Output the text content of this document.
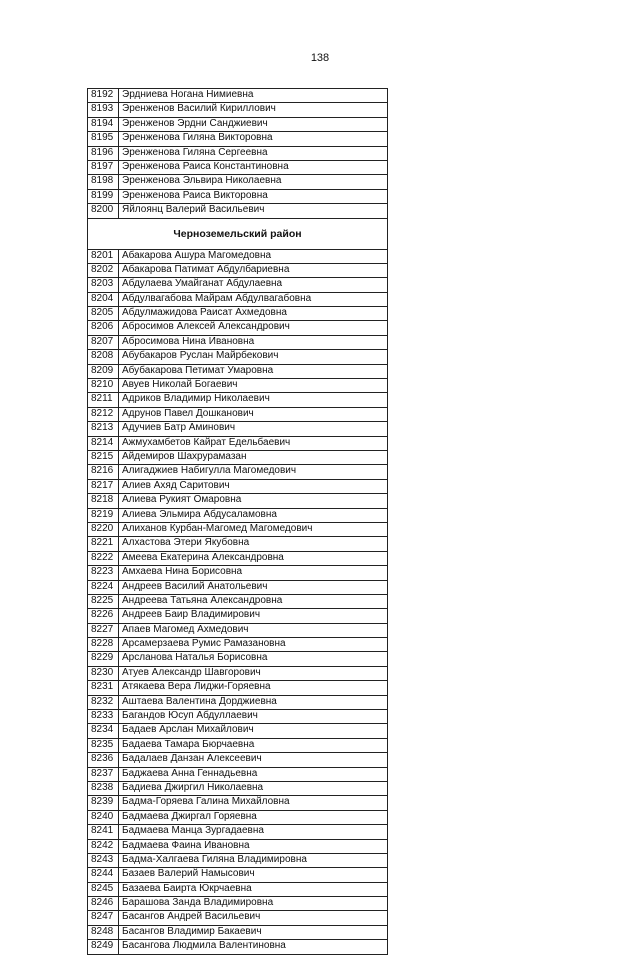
138
8192 Эрдниева Ногана Нимиевна
8193 Эренженов Василий Кириллович
8194 Эренженов Эрдни Санджиевич
8195 Эренженова Гиляна Викторовна
8196 Эренженова Гиляна Сергеевна
8197 Эренженова Раиса Константиновна
8198 Эренженова Эльвира Николаевна
8199 Эренженова Раиса Викторовна
8200 Яйлоянц Валерий Васильевич
Черноземельский район
8201 Абакарова Ашура Магомедовна
8202 Абакарова Патимат Абдулбариевна
8203 Абдулаева Умайганат Абдулаевна
8204 Абдулвагабова Майрам Абдулвагабовна
8205 Абдулмажидова Раисат Ахмедовна
8206 Абросимов Алексей Александрович
8207 Абросимова Нина Ивановна
8208 Абубакаров Руслан Майрбекович
8209 Абубакарова Петимат Умаровна
8210 Авуев Николай Богаевич
8211 Адриков Владимир Николаевич
8212 Адрунов Павел Дошканович
8213 Адучиев Батр Аминович
8214 Ажмухамбетов Кайрат Едельбаевич
8215 Айдемиров Шахрурамазан
8216 Алигаджиев Набигулла Магомедович
8217 Алиев Ахяд Саритович
8218 Алиева Рукият Омаровна
8219 Алиева Эльмира Абдусаламовна
8220 Алиханов Курбан-Магомед Магомедович
8221 Алхастова Этери Якубовна
8222 Амеева Екатерина Александровна
8223 Амхаева Нина Борисовна
8224 Андреев Василий Анатольевич
8225 Андреева Татьяна Александровна
8226 Андреев Баир Владимирович
8227 Апаев Магомед Ахмедович
8228 Арсамерзаева Румис Рамазановна
8229 Арсланова Наталья Борисовна
8230 Атуев Александр Шавгорович
8231 Атякаева Вера Лиджи-Горяевна
8232 Аштаева Валентина Дорджиевна
8233 Багандов Юсуп Абдуллаевич
8234 Бадаев Арслан Михайлович
8235 Бадаева Тамара Бюрчаевна
8236 Бадалаев Данзан Алексеевич
8237 Баджаева Анна Геннадьевна
8238 Бадиева Джиргил Николаевна
8239 Бадма-Горяева Галина Михайловна
8240 Бадмаева Джиргал Горяевна
8241 Бадмаева Манца Зургадаевна
8242 Бадмаева Фаина Ивановна
8243 Бадма-Халгаева Гиляна Владимировна
8244 Базаев Валерий Намысович
8245 Базаева Баирта Юкрчаевна
8246 Барашова Занда Владимировна
8247 Басангов Андрей Васильевич
8248 Басангов Владимир Бакаевич
8249 Басангова Людмила Валентиновна
